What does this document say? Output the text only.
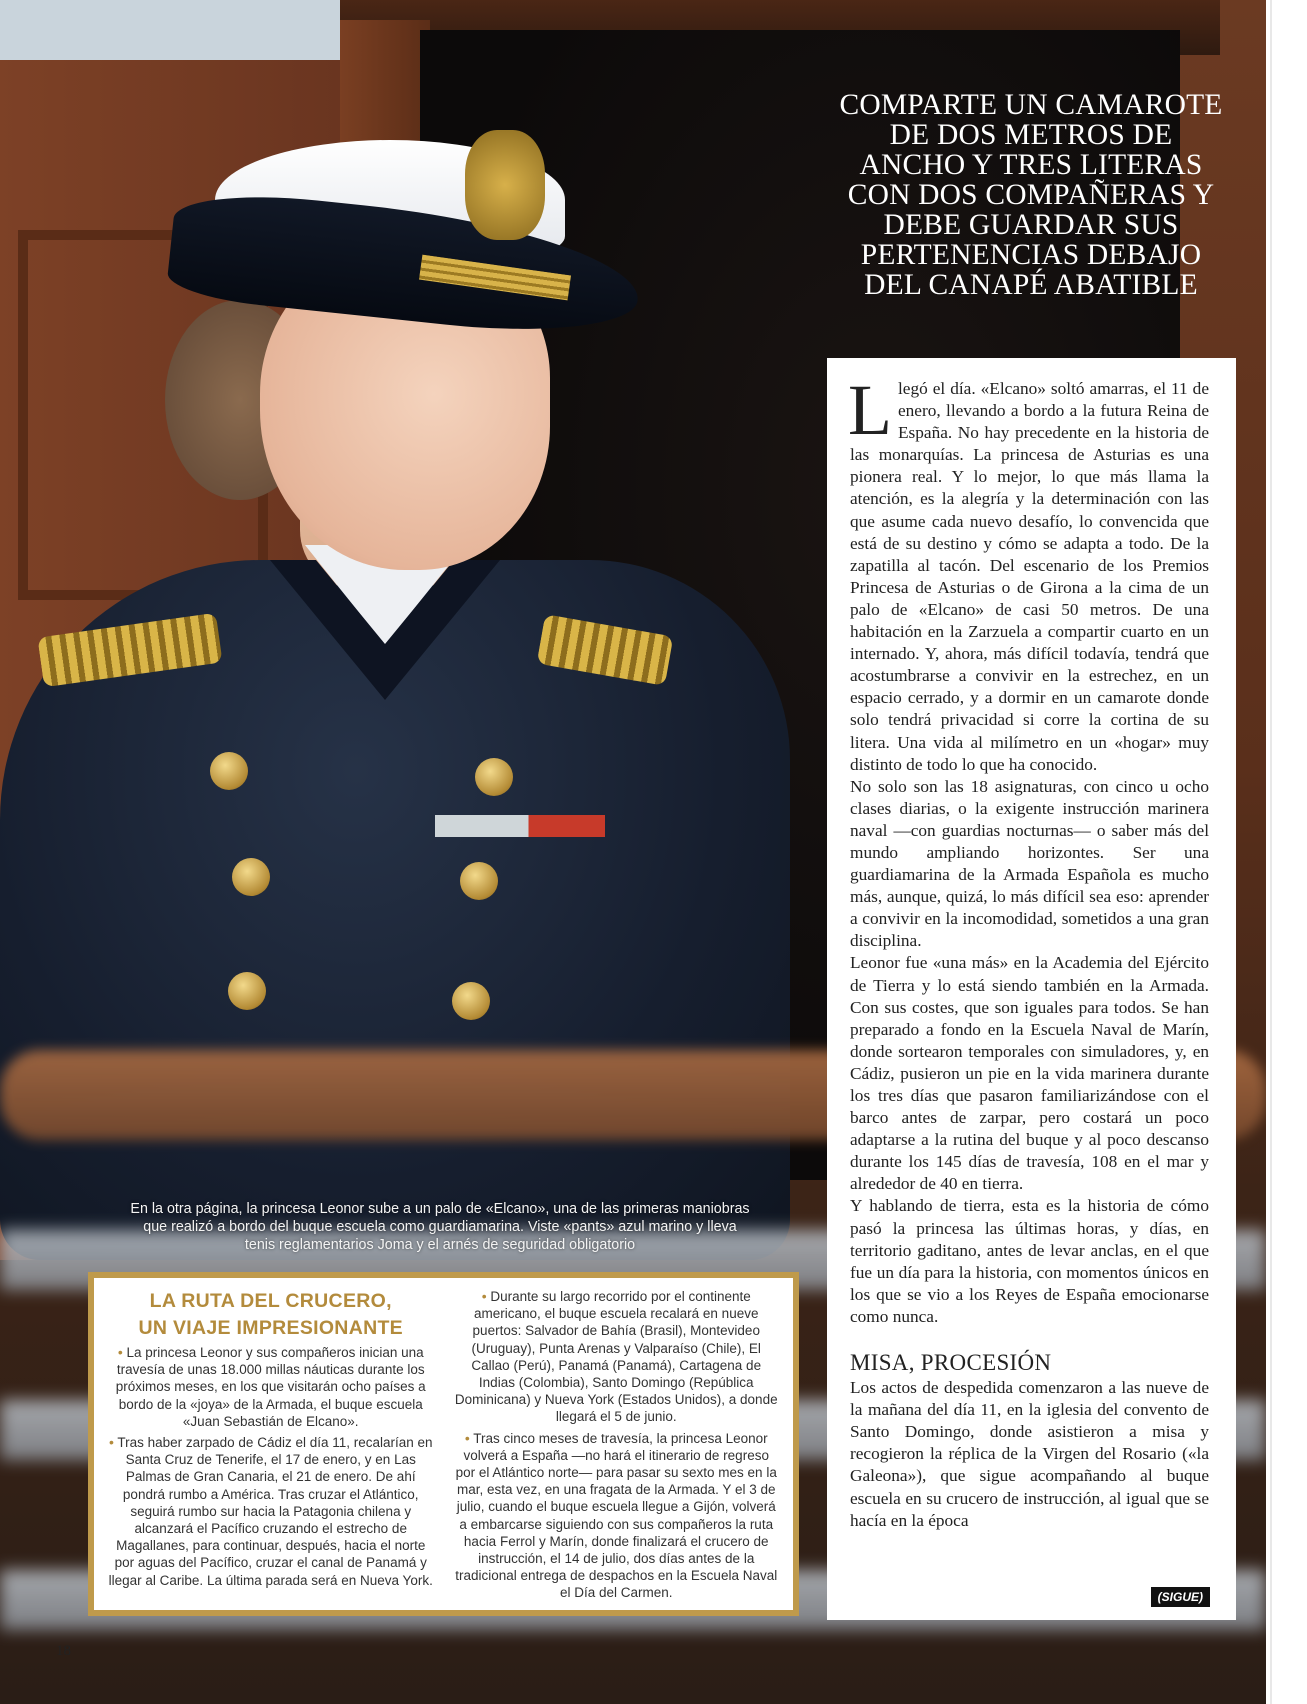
COMPARTE UN CAMAROTE DE DOS METROS DE ANCHO Y TRES LITERAS CON DOS COMPAÑERAS Y DEBE GUARDAR SUS PERTENENCIAS DEBAJO DEL CANAPÉ ABATIBLE

Llegó el día. «Elcano» soltó amarras, el 11 de enero, llevando a bordo a la futura Reina de España. No hay precedente en la historia de las monarquías. La princesa de Asturias es una pionera real. Y lo mejor, lo que más llama la atención, es la alegría y la determinación con las que asume cada nuevo desafío, lo convencida que está de su destino y cómo se adapta a todo. De la zapatilla al tacón. Del escenario de los Premios Princesa de Asturias o de Girona a la cima de un palo de «Elcano» de casi 50 metros. De una habitación en la Zarzuela a compartir cuarto en un internado. Y, ahora, más difícil todavía, tendrá que acostumbrarse a convivir en la estrechez, en un espacio cerrado, y a dormir en un camarote donde solo tendrá privacidad si corre la cortina de su litera. Una vida al milímetro en un «hogar» muy distinto de todo lo que ha conocido.

No solo son las 18 asignaturas, con cinco u ocho clases diarias, o la exigente instrucción marinera naval —con guardias nocturnas— o saber más del mundo ampliando horizontes. Ser una guardiamarina de la Armada Española es mucho más, aunque, quizá, lo más difícil sea eso: aprender a convivir en la incomodidad, sometidos a una gran disciplina.

Leonor fue «una más» en la Academia del Ejército de Tierra y lo está siendo también en la Armada. Con sus costes, que son iguales para todos. Se han preparado a fondo en la Escuela Naval de Marín, donde sortearon temporales con simuladores, y, en Cádiz, pusieron un pie en la vida marinera durante los tres días que pasaron familiarizándose con el barco antes de zarpar, pero costará un poco adaptarse a la rutina del buque y al poco descanso durante los 145 días de travesía, 108 en el mar y alrededor de 40 en tierra.

Y hablando de tierra, esta es la historia de cómo pasó la princesa las últimas horas, y días, en territorio gaditano, antes de levar anclas, en el que fue un día para la historia, con momentos únicos en los que se vio a los Reyes de España emocionarse como nunca.

MISA, PROCESIÓN

Los actos de despedida comenzaron a las nueve de la mañana del día 11, en la iglesia del convento de Santo Domingo, donde asistieron a misa y recogieron la réplica de la Virgen del Rosario («la Galeona»), que sigue acompañando al buque escuela en su crucero de instrucción, al igual que se hacía en la época

(SIGUE)
En la otra página, la princesa Leonor sube a un palo de «Elcano», una de las primeras maniobras que realizó a bordo del buque escuela como guardiamarina. Viste «pants» azul marino y lleva tenis reglamentarios Joma y el arnés de seguridad obligatorio
LA RUTA DEL CRUCERO,
UN VIAJE IMPRESIONANTE

• La princesa Leonor y sus compañeros inician una travesía de unas 18.000 millas náuticas durante los próximos meses, en los que visitarán ocho países a bordo de la «joya» de la Armada, el buque escuela «Juan Sebastián de Elcano».

• Tras haber zarpado de Cádiz el día 11, recalarían en Santa Cruz de Tenerife, el 17 de enero, y en Las Palmas de Gran Canaria, el 21 de enero. De ahí pondrá rumbo a América. Tras cruzar el Atlántico, seguirá rumbo sur hacia la Patagonia chilena y alcanzará el Pacífico cruzando el estrecho de Magallanes, para continuar, después, hacia el norte por aguas del Pacífico, cruzar el canal de Panamá y llegar al Caribe. La última parada será en Nueva York.

• Durante su largo recorrido por el continente americano, el buque escuela recalará en nueve puertos: Salvador de Bahía (Brasil), Montevideo (Uruguay), Punta Arenas y Valparaíso (Chile), El Callao (Perú), Panamá (Panamá), Cartagena de Indias (Colombia), Santo Domingo (República Dominicana) y Nueva York (Estados Unidos), a donde llegará el 5 de junio.

• Tras cinco meses de travesía, la princesa Leonor volverá a España —no hará el itinerario de regreso por el Atlántico norte— para pasar su sexto mes en la mar, esta vez, en una fragata de la Armada. Y el 3 de julio, cuando el buque escuela llegue a Gijón, volverá a embarcarse siguiendo con sus compañeros la ruta hacia Ferrol y Marín, donde finalizará el crucero de instrucción, el 14 de julio, dos días antes de la tradicional entrega de despachos en la Escuela Naval el Día del Carmen.

18
